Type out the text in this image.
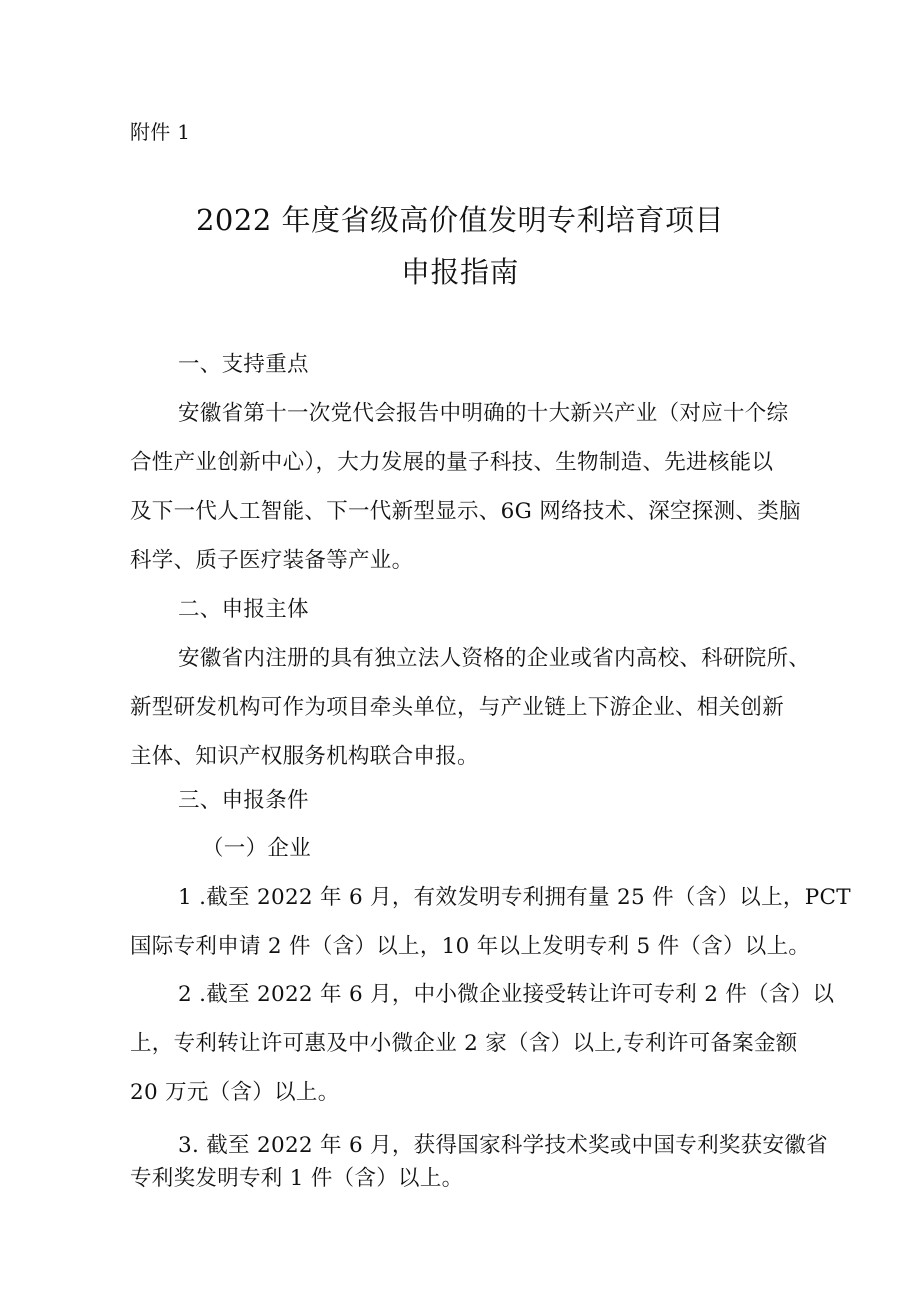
附件 1
2022 年度省级高价值发明专利培育项目
申报指南
一、支持重点
安徽省第十一次党代会报告中明确的十大新兴产业（对应十个综
合性产业创新中心），大力发展的量子科技、生物制造、先进核能以
及下一代人工智能、下一代新型显示、6G 网络技术、深空探测、类脑
科学、质子医疗装备等产业。
二、申报主体
安徽省内注册的具有独立法人资格的企业或省内高校、科研院所、
新型研发机构可作为项目牵头单位，与产业链上下游企业、相关创新
主体、知识产权服务机构联合申报。
三、申报条件
（一）企业
1 .截至 2022 年 6 月，有效发明专利拥有量 25 件（含）以上，PCT
国际专利申请 2 件（含）以上，10 年以上发明专利 5 件（含）以上。
2 .截至 2022 年 6 月，中小微企业接受转让许可专利 2 件（含）以
上，专利转让许可惠及中小微企业 2 家（含）以上,专利许可备案金额
20 万元（含）以上。
3. 截至 2022 年 6 月，获得国家科学技术奖或中国专利奖获安徽省
专利奖发明专利 1 件（含）以上。
